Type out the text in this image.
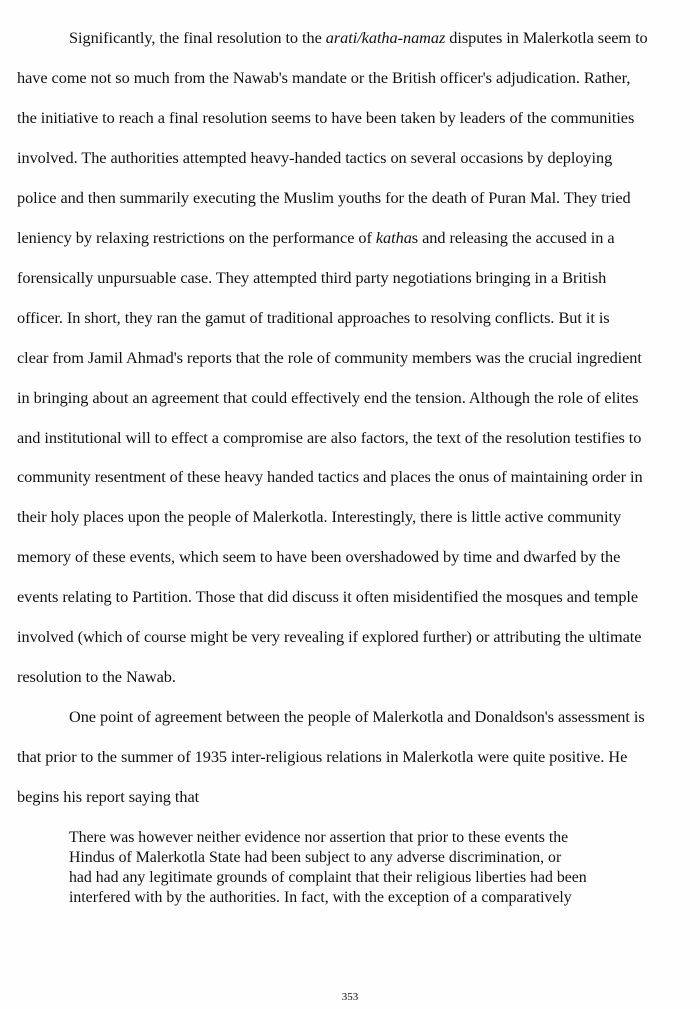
Significantly, the final resolution to the arati/katha-namaz disputes in Malerkotla seem to
have come not so much from the Nawab's mandate or the British officer's adjudication. Rather,
the initiative to reach a final resolution seems to have been taken by leaders of the communities
involved. The authorities attempted heavy-handed tactics on several occasions by deploying
police and then summarily executing the Muslim youths for the death of Puran Mal. They tried
leniency by relaxing restrictions on the performance of kathas and releasing the accused in a
forensically unpursuable case. They attempted third party negotiations bringing in a British
officer. In short, they ran the gamut of traditional approaches to resolving conflicts. But it is
clear from Jamil Ahmad's reports that the role of community members was the crucial ingredient
in bringing about an agreement that could effectively end the tension. Although the role of elites
and institutional will to effect a compromise are also factors, the text of the resolution testifies to
community resentment of these heavy handed tactics and places the onus of maintaining order in
their holy places upon the people of Malerkotla. Interestingly, there is little active community
memory of these events, which seem to have been overshadowed by time and dwarfed by the
events relating to Partition. Those that did discuss it often misidentified the mosques and temple
involved (which of course might be very revealing if explored further) or attributing the ultimate
resolution to the Nawab.
One point of agreement between the people of Malerkotla and Donaldson's assessment is
that prior to the summer of 1935 inter-religious relations in Malerkotla were quite positive. He
begins his report saying that
There was however neither evidence nor assertion that prior to these events the
Hindus of Malerkotla State had been subject to any adverse discrimination, or
had had any legitimate grounds of complaint that their religious liberties had been
interfered with by the authorities. In fact, with the exception of a comparatively
353
